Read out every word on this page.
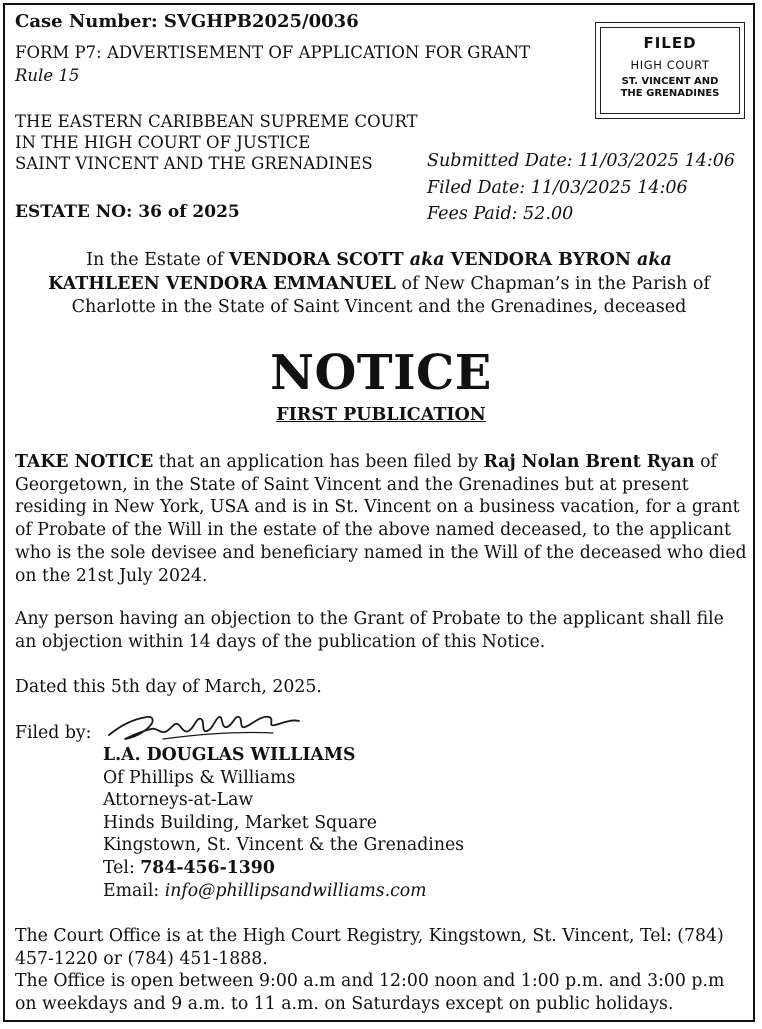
Case Number: SVGHPB2025/0036
FORM P7: ADVERTISEMENT OF APPLICATION FOR GRANT
Rule 15
THE EASTERN CARIBBEAN SUPREME COURT
IN THE HIGH COURT OF JUSTICE
SAINT VINCENT AND THE GRENADINES
ESTATE NO: 36 of 2025
Submitted Date: 11/03/2025 14:06
Filed Date: 11/03/2025 14:06
Fees Paid: 52.00
FILED
HIGH COURT
ST. VINCENT AND
THE GRENADINES
In the Estate of VENDORA SCOTT aka VENDORA BYRON aka
KATHLEEN VENDORA EMMANUEL of New Chapman’s in the Parish of
Charlotte in the State of Saint Vincent and the Grenadines, deceased
NOTICE
FIRST PUBLICATION
TAKE NOTICE that an application has been filed by Raj Nolan Brent Ryan of
Georgetown, in the State of Saint Vincent and the Grenadines but at present
residing in New York, USA and is in St. Vincent on a business vacation, for a grant
of Probate of the Will in the estate of the above named deceased, to the applicant
who is the sole devisee and beneficiary named in the Will of the deceased who died
on the 21st July 2024.
Any person having an objection to the Grant of Probate to the applicant shall file
an objection within 14 days of the publication of this Notice.
Dated this 5th day of March, 2025.
Filed by:
L.A. DOUGLAS WILLIAMS
Of Phillips & Williams
Attorneys-at-Law
Hinds Building, Market Square
Kingstown, St. Vincent & the Grenadines
Tel: 784-456-1390
Email: info@phillipsandwilliams.com
The Court Office is at the High Court Registry, Kingstown, St. Vincent, Tel: (784)
457-1220 or (784) 451-1888.
The Office is open between 9:00 a.m and 12:00 noon and 1:00 p.m. and 3:00 p.m
on weekdays and 9 a.m. to 11 a.m. on Saturdays except on public holidays.
